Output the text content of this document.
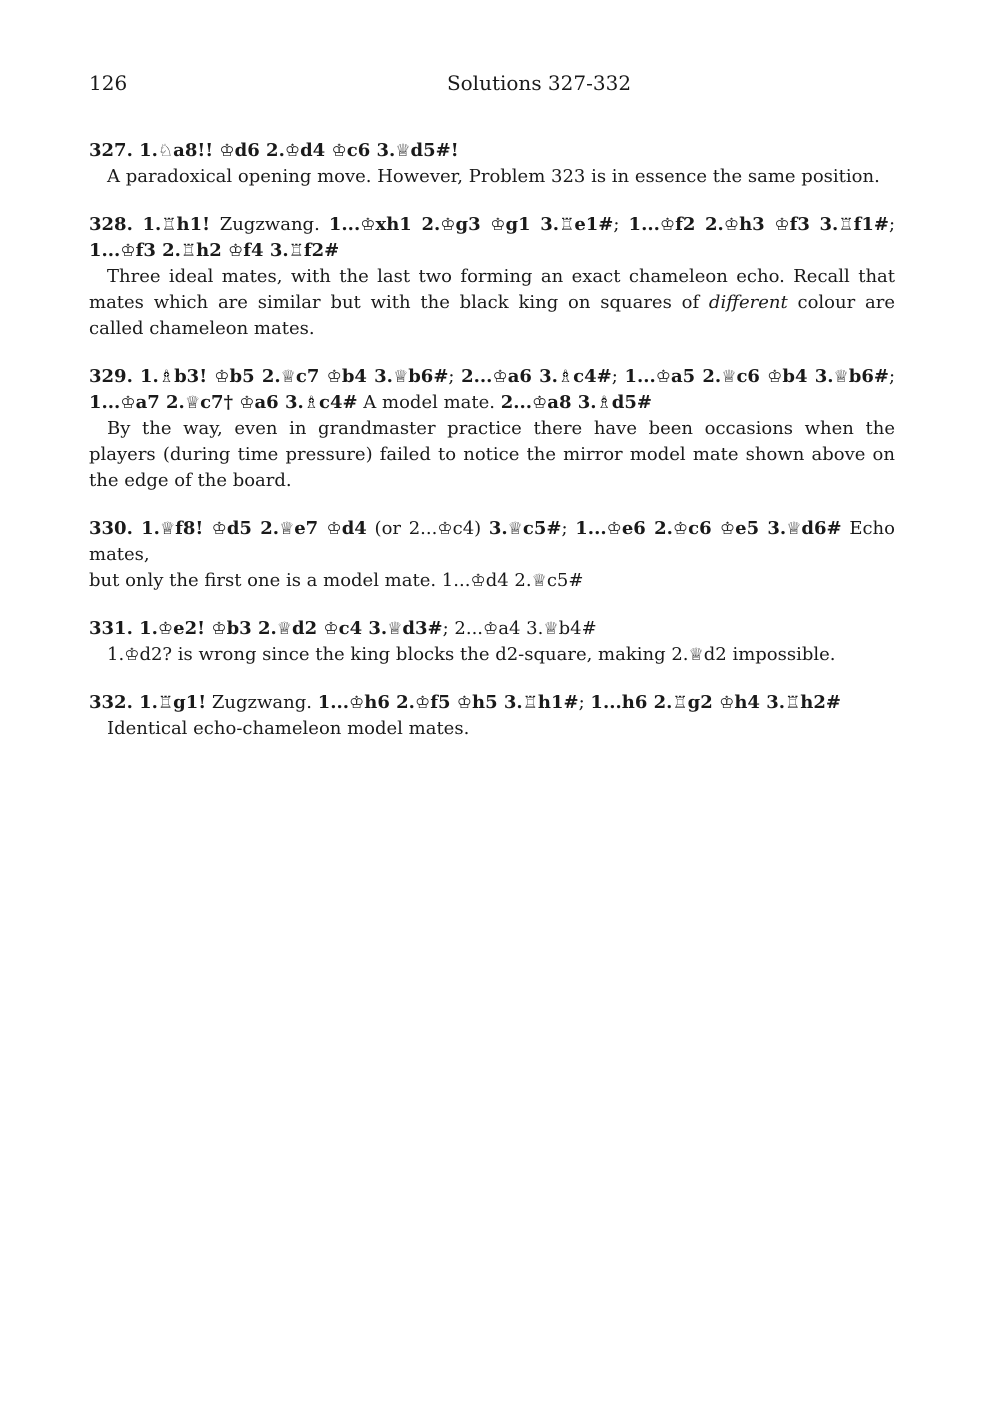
126	Solutions 327-332
327. 1.♘a8!! ♔d6 2.♔d4 ♔c6 3.♕d5#!
A paradoxical opening move. However, Problem 323 is in essence the same position.
328. 1.♖h1! Zugzwang. 1...♔xh1 2.♔g3 ♔g1 3.♖e1#; 1...♔f2 2.♔h3 ♔f3 3.♖f1#;
1...♔f3 2.♖h2 ♔f4 3.♖f2#
Three ideal mates, with the last two forming an exact chameleon echo. Recall that mates which are similar but with the black king on squares of different colour are called chameleon mates.
329. 1.♗b3! ♔b5 2.♕c7 ♔b4 3.♕b6#; 2...♔a6 3.♗c4#; 1...♔a5 2.♕c6 ♔b4 3.♕b6#;
1...♔a7 2.♕c7† ♔a6 3.♗c4# A model mate. 2...♔a8 3.♗d5#
By the way, even in grandmaster practice there have been occasions when the players (during time pressure) failed to notice the mirror model mate shown above on the edge of the board.
330. 1.♕f8! ♔d5 2.♕e7 ♔d4 (or 2...♔c4) 3.♕c5#; 1...♔e6 2.♔c6 ♔e5 3.♕d6# Echo mates,
but only the first one is a model mate. 1...♔d4 2.♕c5#
331. 1.♔e2! ♔b3 2.♕d2 ♔c4 3.♕d3#; 2...♔a4 3.♕b4#
1.♔d2? is wrong since the king blocks the d2-square, making 2.♕d2 impossible.
332. 1.♖g1! Zugzwang. 1...♔h6 2.♔f5 ♔h5 3.♖h1#; 1...h6 2.♖g2 ♔h4 3.♖h2#
Identical echo-chameleon model mates.
